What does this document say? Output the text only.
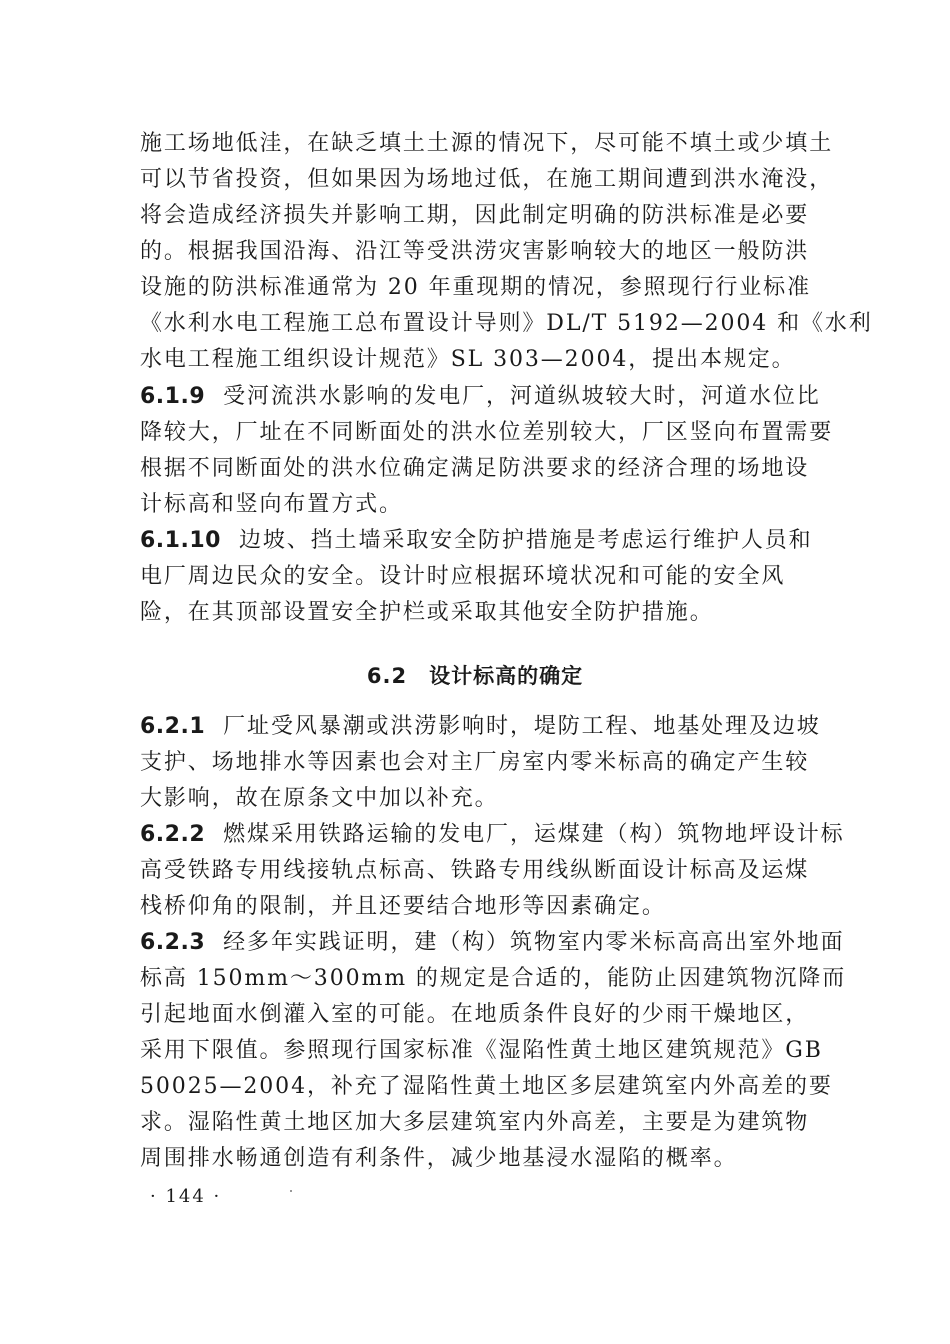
施工场地低洼，在缺乏填土土源的情况下，尽可能不填土或少填土
可以节省投资，但如果因为场地过低，在施工期间遭到洪水淹没，
将会造成经济损失并影响工期，因此制定明确的防洪标准是必要
的。根据我国沿海、沿江等受洪涝灾害影响较大的地区一般防洪
设施的防洪标准通常为 20 年重现期的情况，参照现行行业标准
《水利水电工程施工总布置设计导则》DL/T 5192—2004 和《水利
水电工程施工组织设计规范》SL 303—2004，提出本规定。
6.1.9 受河流洪水影响的发电厂，河道纵坡较大时，河道水位比
降较大，厂址在不同断面处的洪水位差别较大，厂区竖向布置需要
根据不同断面处的洪水位确定满足防洪要求的经济合理的场地设
计标高和竖向布置方式。
6.1.10 边坡、挡土墙采取安全防护措施是考虑运行维护人员和
电厂周边民众的安全。设计时应根据环境状况和可能的安全风
险，在其顶部设置安全护栏或采取其他安全防护措施。
6.2 设计标高的确定
6.2.1 厂址受风暴潮或洪涝影响时，堤防工程、地基处理及边坡
支护、场地排水等因素也会对主厂房室内零米标高的确定产生较
大影响，故在原条文中加以补充。
6.2.2 燃煤采用铁路运输的发电厂，运煤建（构）筑物地坪设计标
高受铁路专用线接轨点标高、铁路专用线纵断面设计标高及运煤
栈桥仰角的限制，并且还要结合地形等因素确定。
6.2.3 经多年实践证明，建（构）筑物室内零米标高高出室外地面
标高 150mm～300mm 的规定是合适的，能防止因建筑物沉降而
引起地面水倒灌入室的可能。在地质条件良好的少雨干燥地区，
采用下限值。参照现行国家标准《湿陷性黄土地区建筑规范》GB
50025—2004，补充了湿陷性黄土地区多层建筑室内外高差的要
求。湿陷性黄土地区加大多层建筑室内外高差，主要是为建筑物
周围排水畅通创造有利条件，减少地基浸水湿陷的概率。
· 144 ·
